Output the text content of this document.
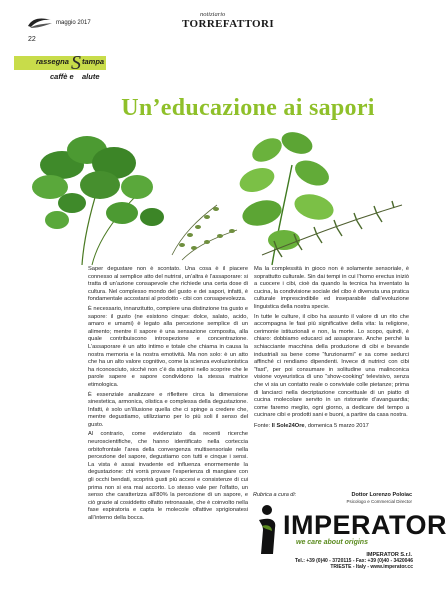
maggio 2017
22
notiziario
TORREFATTORI
rassegna S tampa
caffè e alute
Un’educazione ai sapori

Saper degustare non è scontato. Una cosa è il piacere connesso al semplice atto del nutrirsi, un’altra è l’assaporare: si tratta di un’azione consapevole che richiede una certa dose di cultura. Nel complesso mondo del gusto e dei sapori, infatti, è fondamentale accostarsi al prodotto - cibi con consapevolezza.

È necessario, innanzitutto, compiere una distinzione tra gusto e sapore: il gusto (ne esistono cinque: dolce, salato, acido, amaro e umami) è legato alla percezione semplice di un alimento; mentre il sapore è una sensazione composita, alla quale contribuiscono introspezione e concentrazione. L’assaporare è un atto intimo e totale che chiama in causa la nostra memoria e la nostra emotività. Ma non solo: è un atto che ha un alto valore cognitivo, come la scienza evoluzionistica ha riconosciuto, sicché non c’è da stupirsi nello scoprire che le parole sapere e sapore condividono la stessa matrice etimologica.

È essenziale analizzare e riflettere circa la dimensione sinestetica, armonica, olistica e complessa della degustazione. Infatti, è solo un’illusione quella che ci spinge a credere che, mentre degustiamo, utilizziamo per lo più soli il senso del gusto.

Al contrario, come evidenziato da recenti ricerche neuroscientifiche, che hanno identificato nella corteccia orbitofrontale l’area della convergenza multisensoriale nella percezione del sapore, degustiamo con tutti e cinque i sensi. La vista è assai invadente ed influenza enormemente la degustazione: chi vorrà provare l’esperienza di mangiare con gli occhi bendati, scoprirà gusti più accesi e consistenze di cui prima non si era mai accorto. Lo stesso vale per l’olfatto, un senso che caratterizza all’80% la percezione di un sapore, e ciò grazie al cosiddetto olfatto retronasale, che è coinvolto nella fase espiratoria e capta le molecole olfattive sprigionatesi all’interno della bocca.

Ma la complessità in gioco non è solamente sensoriale, è soprattutto culturale. Sin dai tempi in cui l’homo erectus iniziò a cuocere i cibi, cioè da quando la tecnica ha inventato la cucina, la condivisione sociale del cibo è divenuta una pratica culturale imprescindibile ed inseparabile dall’evoluzione linguistica della nostra specie.

In tutte le culture, il cibo ha assunto il valore di un rito che accompagna le fasi più significative della vita: la religione, cerimonie istituzionali e non, la morte. Lo scopo, quindi, è chiaro: dobbiamo educarci ad assaporare. Anche perché la schiacciante macchina della produzione di cibi e bevande industriali sa bene come “funzionarmi” e sa come sedurci affinché ci rendiamo dipendenti. Invece di nutrirci con cibi “fast”, per poi consumare in solitudine una malinconica visione voyeuristica di uno “show-cooking” televisivo, senza che vi sia un contatto reale o conviviale colle pietanze; prima di lanciarci nella decriptazione concettuale di un piatto di cucina molecolare servito in un ristorante d’avanguardia; come faremo meglio, ogni giorno, a dedicare del tempo a cucinare cibi e prodotti sani e buoni, a partire da casa nostra.

Fonte: Il Sole24Ore, domenica 5 marzo 2017
Rubrica a cura di:	Dottor Lorenzo Poloiac
Psicologo e Commercial Director
IMPERATOR
we care about origins
IMPERATOR S.r.l.
Tel.: +39 (0)40 - 3720115 - Fax: +39 (0)40 - 3420046
TRIESTE - Italy - www.imperator.cc
